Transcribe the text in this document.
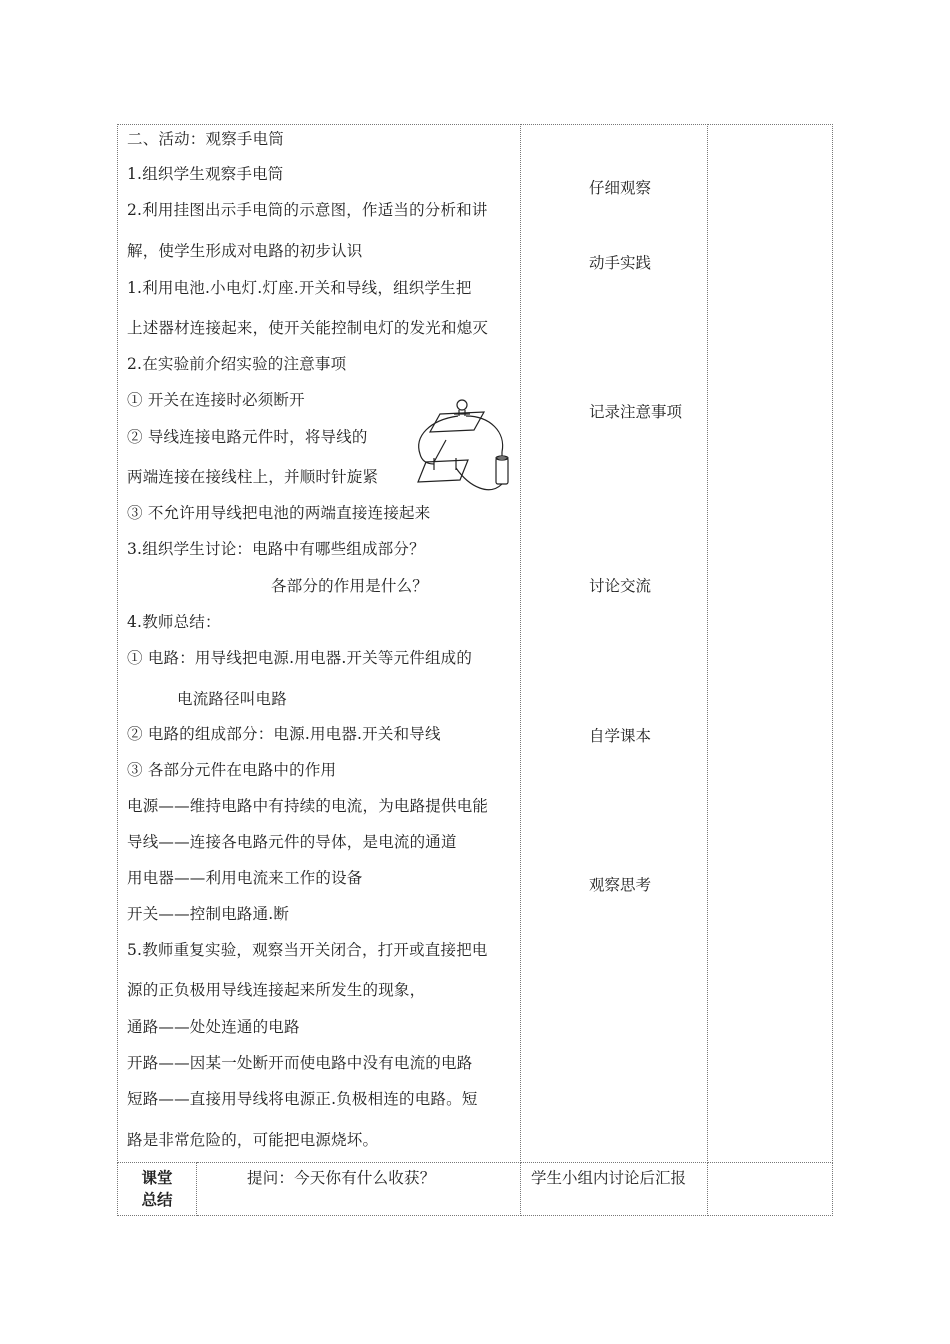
二、活动：观察手电筒
1.组织学生观察手电筒
2.利用挂图出示手电筒的示意图，作适当的分析和讲
解，使学生形成对电路的初步认识
1.利用电池.小电灯.灯座.开关和导线，组织学生把
上述器材连接起来，使开关能控制电灯的发光和熄灭
2.在实验前介绍实验的注意事项
① 开关在连接时必须断开
② 导线连接电路元件时，将导线的
两端连接在接线柱上，并顺时针旋紧
③ 不允许用导线把电池的两端直接连接起来
3.组织学生讨论：电路中有哪些组成部分？
各部分的作用是什么？
4.教师总结：
① 电路：用导线把电源.用电器.开关等元件组成的
电流路径叫电路
② 电路的组成部分：电源.用电器.开关和导线
③ 各部分元件在电路中的作用
电源——维持电路中有持续的电流，为电路提供电能
导线——连接各电路元件的导体，是电流的通道
用电器——利用电流来工作的设备
开关——控制电路通.断
5.教师重复实验，观察当开关闭合，打开或直接把电
源的正负极用导线连接起来所发生的现象，
通路——处处连通的电路
开路——因某一处断开而使电路中没有电流的电路
短路——直接用导线将电源正.负极相连的电路。短
路是非常危险的，可能把电源烧坏。
仔细观察
动手实践
记录注意事项
讨论交流
自学课本
观察思考
课堂
总结
提问：今天你有什么收获？	学生小组内讨论后汇报
